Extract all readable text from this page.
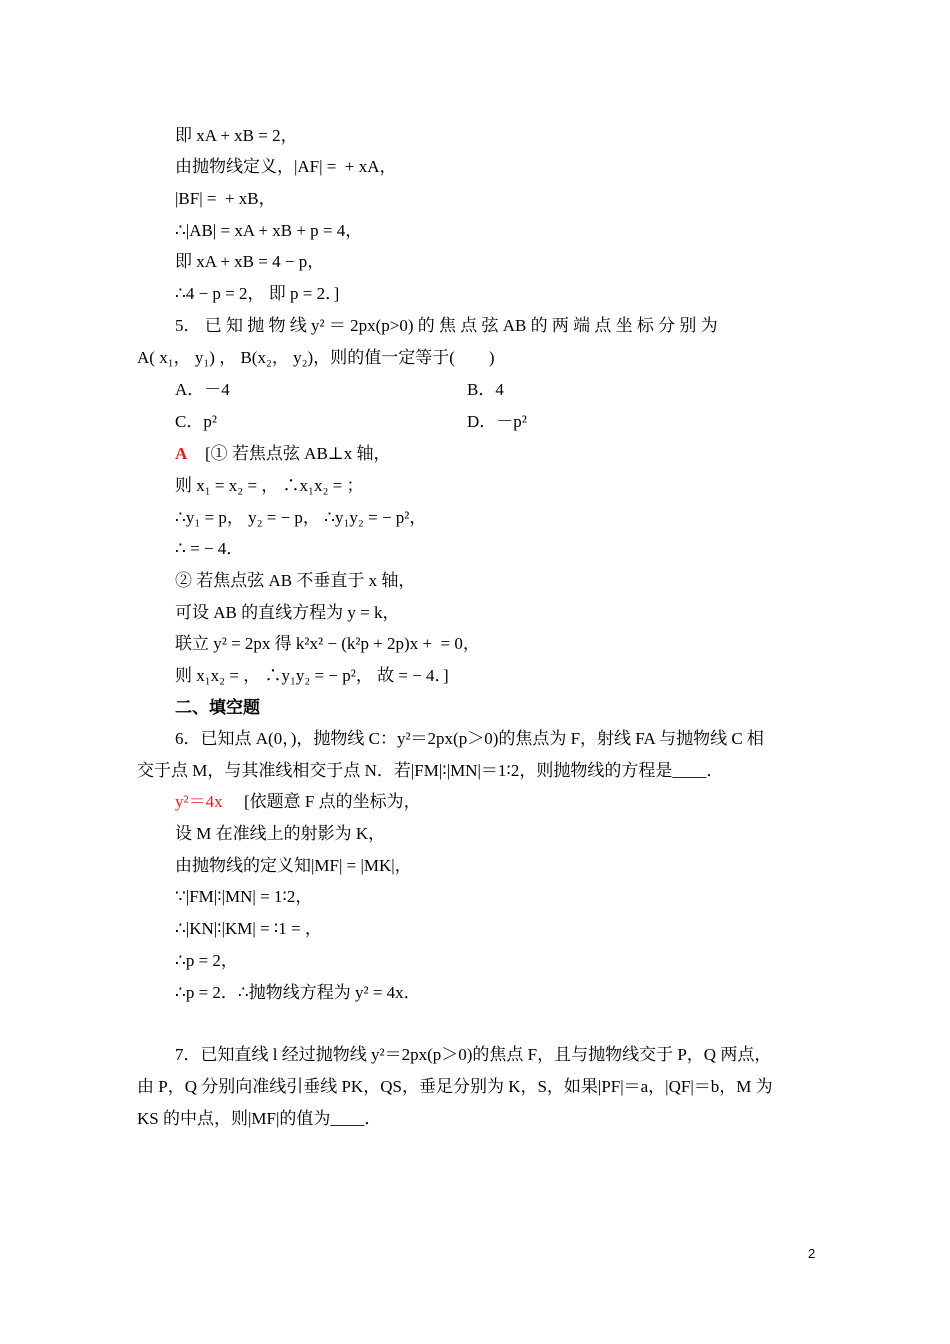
即 xA + xB = 2，
由抛物线定义，|AF| =  + xA，
|BF| =  + xB，
∴|AB| = xA + xB + p = 4，
即 xA + xB = 4 − p，
∴4 − p = 2， 即 p = 2．]
5． 已 知 抛 物 线 y² ＝ 2px(p>0) 的 焦 点 弦 AB 的 两 端 点 坐 标 分 别 为
A( x₁， y₁) ， B(x₂， y₂)，则的值一定等于(　　)
A．－4	B．4
C．p²	D．－p²
A [① 若焦点弦 AB⊥x 轴，
则 x₁ = x₂ = ， ∴x₁x₂ = ；
∴y₁ = p， y₂ = − p， ∴y₁y₂ = − p²，
∴ = − 4．
② 若焦点弦 AB 不垂直于 x 轴，
可设 AB 的直线方程为 y = k，
联立 y² = 2px 得 k²x² − (k²p + 2p)x +  = 0，
则 x₁x₂ = ， ∴y₁y₂ = − p²， 故 = − 4．]
二、填空题
6．已知点 A(0，)，抛物线 C：y²＝2px(p＞0)的焦点为 F，射线 FA 与抛物线 C 相
交于点 M，与其准线相交于点 N．若|FM|∶|MN|＝1∶2，则抛物线的方程是____．
y²＝4x [依题意 F 点的坐标为，
设 M 在准线上的射影为 K，
由抛物线的定义知|MF| = |MK|，
∵|FM|∶|MN| = 1∶2，
∴|KN|∶|KM| = ∶1 = ，
∴p = 2，
∴p = 2．∴抛物线方程为 y² = 4x．
7．已知直线 l 经过抛物线 y²＝2px(p＞0)的焦点 F，且与抛物线交于 P，Q 两点，
由 P，Q 分别向准线引垂线 PK，QS，垂足分别为 K，S，如果|PF|＝a，|QF|＝b，M 为
KS 的中点，则|MF|的值为____．
2
